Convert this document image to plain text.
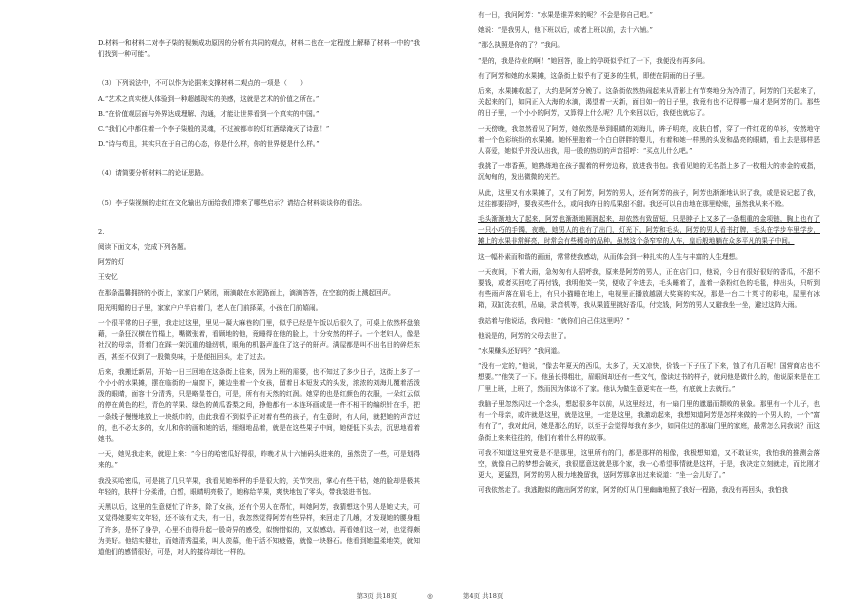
D.材料一和材料二对李子柒的视频成功原因的分析有共同的观点，材料二也在一定程度上解释了材料一中的“我们找到一种可能”。

（3）下列说法中，不可以作为论据来支撑材料二观点的一项是（　　）

A.“艺术之真实使人体验到一种超越现实的美感，这就是艺术的价值之所在。”

B.“在价值观层面与外界达成理解、沟通，才能让世界看到一个真实的中国。”

C.“我们心中都住着一个李子柒般的灵魂，不过被都市的灯红酒绿淹灭了诗意！”

D.“诗与苟且，其实只在于自己的心态，你是什么样，你的世界便是什么样。”

（4）请简要分析材料二的论证思路。

（5）李子柒视频的走红在文化输出方面给我们带来了哪些启示？请结合材料谈谈你的看法。

2.

阅读下面文本，完成下列各题。

阿芳的灯

王安忆

在那条温馨拥挤的小街上，家家门户紧闭，雨滴敲在水泥路面上，滴滴答答，在空寂的街上溅起回声。

阳光明媚的日子里，家家户户半启着门，老人在门前择菜，小孩在门前嬉闹。

一个很平常的日子里，我走过这里，里见一凝大麻巷的门里，似乎已经是午饭以后很久了，可桌上依然杯盘狼藉，一条狂汉横在竹榻上，嘴微张着，看顾地的他，竟睡得在他的脸上，十分安然的样子。一个老妇人，像是社汉的母亲，背着门在踩一架沉重的缝纫机，眼角的机器声盖住了这子的鼾声。满屋都是叫不出名目的碎烂东西，甚至不仅到了一股微臭味，于是便扭回头，走了过去。

后来，我搬迁新居，开始一日三回地在这条街上往来，因为上班的需要，也不知过了多少日子，这街上多了一个小小的水果摊，摆在临街的一扇窗下，摊边坐着一个女孩，留着日本短发式的头发，浓浓的刘海儿覆着活泼泼的眼睛，面容十分清秀，只是略显苍白，可是，所有有天然的红润。她穿的也是红颜色的衣服，一朵红云似的停在黄色的栏，青色的苹果、绿色的黄瓜香梨之间，挣他都有一本连环画或是一件不相干的编织针在手，把一条线子慢慢地放上一块纸巾的，由此我看不到似乎正对着有些的孩子，有生意时，有人问，就把她的声音过的，也不必太多的，女儿和你的画和她的话，细细地品着，就是在这些果子中间，她便低下头去，沉思地看着她书。

一天，她见我走来，就迎上来：“今日的哈密瓜好得很，昨晚才从十六铺码头进来的，虽然贵了一些，可是划得来的。”

我没买哈密瓜，可是挑了几只苹果，我看见她举秤的手是很大的，关节突出，掌心有些干枯，她的脸却是极其年轻的，肤样十分柔滑，白皙，眼睛明亮极了，她称给苹果，爽快地包了零头，带我装进书包。

天黑以后，这里的生意便忙了许多，除了女孩，还有个男人在帮忙，叫她阿芳，我猜想这个男人是她丈夫，可又觉得她要实文年轻，还不该有丈夫，有一日，我忽然觉得阿芳有些异样，来回走了几趟，才发现她的腰身粗了许多，是怀了身孕，心里不由得升起一股奇异的感受，似惋惜似的，又似感动。再看她们这一对，也觉得颇为美好。他结实健壮，而她清秀温柔，叫人羡慕，他干活不知疲倦，就像一块磐石。他看到她温柔地笑，就知道他们的感情很好，可是，对人的接待却比一样的。

有一日，我问阿芳：“水果是谁弄来的呢？不会是你自己吧。”

她说：“是我男人，他下班以后，或者上班以前，去十六铺。”

“那么执照是你的了？”我问。

“是的，我是待业的啊！”她回答，脸上的孕斑似乎红了一下，我便没有再多问。

有了阿芳和她的水果摊，这条街上似乎有了更多的生机，即使在阴雨的日子里。

后来，水果摊收起了，大约是阿芳分娩了。这条街依然热闹起来从背影上有节奏地分为冷清了，阿芳的门关起来了，关起来的门，如同正入大海的水滴，渴望着一天新，面目如一的日子里，我竟有也不记得哪一扇才是阿芳的门。那些的日子里，一个小小的阿芳，又算得上什么呢？几个来回以后，我便也就忘了。

一天傍晚，我忽然看见了阿芳，她依然是举到眼睛的刘海儿，眸子明亮，皮肤白皙，穿了一件红花的单衫，安然地守着一个色彩缤纷的水果摊。她怀里抱着一个白白胖胖的婴儿，有着和她一样黑的头发和晶亮的眼睛，看上去是那样恶人喜爱，她似乎并没认出我，用一股的热切的声音招呼：“买点儿什么吧。”

我挑了一串香蕉，她熟练地在孩子握着的秤旁边称，放进我书包。我看见她的无名指上多了一枚粗大的赤金的戒指，沉甸甸的，发出微微的光芒。

从此，这里又有水果摊了，又有了阿芳，阿芳的男人，还有阿芳的孩子，阿芳也渐渐地认识了我，或是说记起了我，过往都要招呼，要我买些什么，或问我昨日的瓜果甜不甜。我还可以自由地在那里赊账，虽然我从来不赊。

毛头渐渐地大了起来，阿芳也渐渐地圆润起来，却依然有致留短，只是脖子上又多了一条粗重的金项链，胸上也有了一只小巧的手镯，夜晚，她男人的也有了出门，灯光下，阿芳和毛头，阿芳的男人看书打牌，毛头在学步车里学步，摊上的水果非常鲜亮，时常会有些稀奇的品种。虽然这个条窄窄的人车，皇后般地躺在众多平凡的果子中间。

这一幅朴素而和谐的画面，常常使我感动，从而体会到一种扎实的人生与丰富的人生理想。

一天夜间，下着大雨，急匆匆有人招呼我，原来是阿芳的男人，正在店门口，他说，今日有很好很好的香瓜，不甜不要钱，或者买回吃了再付钱，我明他笑一笑，便收了伞进去，毛头睡着了，盖着一条粉红色的毛毯，伸出头，只听到有些雨声落在眉毛上，有只小猫睡在地上，电视里正播放越剧大奖赛的实况，那是一台二十英寸的彩电，屋里有冰箱，双缸洗衣机，吊扇，录音机等，我从果篮里挑好香瓜，付完钱，阿芳的男人又避我坐一坐，避过这阵大雨。

我站着与他说话，我问他：“就你们自己住这里吗？”

他说是的，阿芳的父母去世了。

“水果赚头还好吗？”我问道。

“没有一定的，”他说，“像去年夏天的西瓜，太多了，天又凉快，价钱一下子压了下来，蚀了有几百呢！国营商店也不想要。”“他笑了一下。他虽长得粗壮，眉眼间却还有一些文气，像读过书的样子，就问他是做什么的，他说原来是在工厂里上班，上班了，然而因为体谅不了家。他认为做生意更实在一些，有底就上去就行。”

我脑子里忽然闪过一个念头，想起很多年以前，从这里经过，有一扇门里的邋遢而颓败的景象。那里有一个儿子，也有一个母亲，或许就是这里，就是这里，一定是这里，我激动起来，我想知道阿芳是怎样来做的一个男人的，一个“富有有了”，我对此问，她是那么的好，以至于会觉得每我有多少，如同住过的那扇门里的家庭，最常怎么同我说？而这条街上来来往往的，他们有着什么样的故事。

可我不知道这里究竟是不是那里，这里所有的门，都是那样的相像，我极想知道，又不敢证实，我怕我的推测会落空，就像自己的梦想会破灭，我很愿意这就是那个家，我一心希望事情就是这样，于是，我决定立刻就走，而比刚才更大，更猛烈，阿芳的男人极力地挽留我，送阿芳那拿出过来说道：“坐一会儿好了。”

可我依然走了。我逃跑似的跑出阿芳的家，阿芳的灯从门里幽幽地照了我好一程路，我没有再回头，我怕我

第3页 共18页	◎	第4页 共18页
